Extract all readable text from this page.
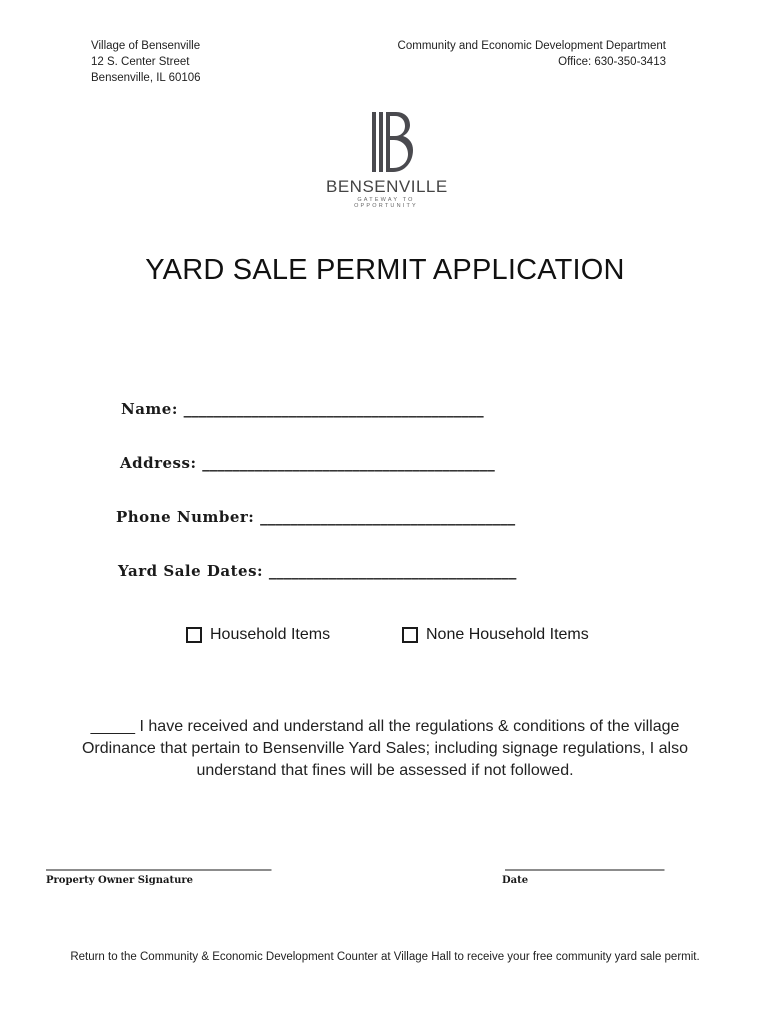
Village of Bensenville
12 S. Center Street
Bensenville, IL 60106
Community and Economic Development Department
Office: 630-350-3413
BENSENVILLE
GATEWAY TO OPPORTUNITY
YARD SALE PERMIT APPLICATION
Name: ________________________________________
Address: _______________________________________
Phone Number: __________________________________
Yard Sale Dates: _________________________________
Household Items	None Household Items
_____ I have received and understand all the regulations & conditions of the village
Ordinance that pertain to Bensenville Yard Sales; including signage regulations, I also
understand that fines will be assessed if not followed.
_________________________________________
Property Owner Signature
_____________________________
Date
Return to the Community & Economic Development Counter at Village Hall to receive your free community yard sale permit.
